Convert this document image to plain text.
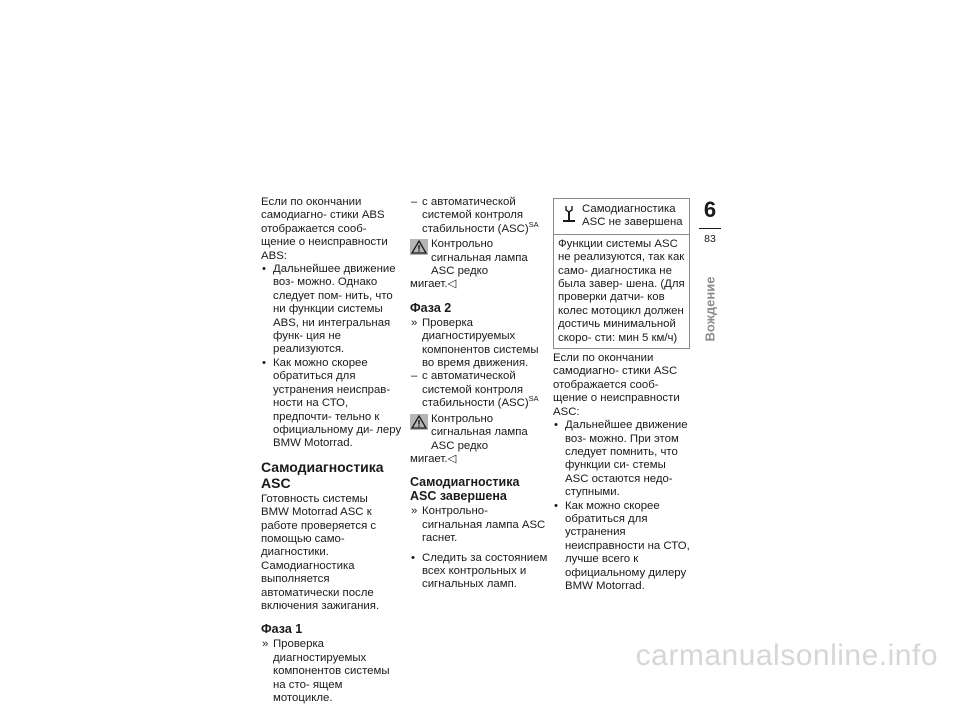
Если по окончании самодиагно- стики ABS отображается сооб- щение о неисправности ABS:

• Дальнейшее движение воз- можно. Однако следует пом- нить, что ни функции системы ABS, ни интегральная функ- ция не реализуются.

• Как можно скорее обратиться для устранения неисправ- ности на СТО, предпочти- тельно к официальному ди- леру BMW Motorrad.

Самодиагностика ASC

Готовность системы

BMW Motorrad ASC к работе проверяется с помощью само- диагностики. Самодиагностика выполняется автоматически после включения зажигания.

Фаза 1

» Проверка диагностируемых компонентов системы на сто- ящем мотоцикле.

– с автоматической системой контроля стабильности (ASC)$^{SA}$

Контрольно сигнальная лампа ASC редко

мигает.◁

Фаза 2

» Проверка диагностируемых компонентов системы во время движения.

– с автоматической системой контроля стабильности (ASC)$^{SA}$

Контрольно сигнальная лампа ASC редко

мигает.◁

Самодиагностика ASC завершена

» Контрольно-сигнальная лампа ASC гаснет.

• Следить за состоянием всех контрольных и сигнальных ламп.

Самодиагностика ASC не завершена
Функции системы ASC не реализуются, так как само- диагностика не была завер- шена. (Для проверки датчи- ков колес мотоцикл должен достичь минимальной скоро- сти: мин 5 км/ч)

Если по окончании самодиагно- стики ASC отображается сооб- щение о неисправности ASC:

• Дальнейшее движение воз- можно. При этом следует помнить, что функции си- стемы ASC остаются недо- ступными.

• Как можно скорее обратиться для устранения неисправности на СТО, лучше всего к официальному дилеру BMW Motorrad.

6
83
Вождение
carmanualsonline.info
